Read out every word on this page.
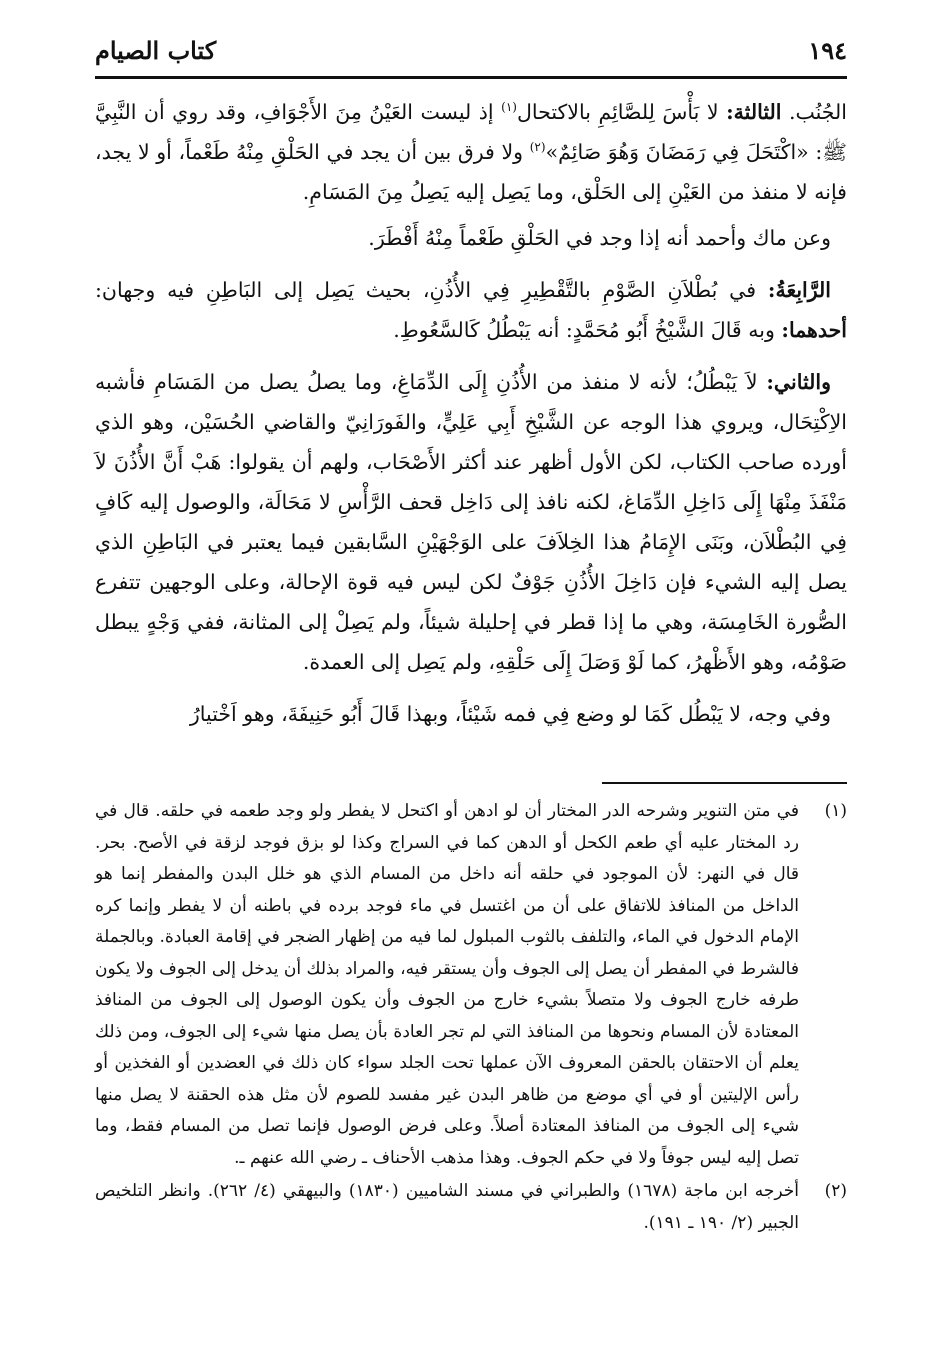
١٩٤
كتاب الصيام

الجُنُب. الثالثة: لا بَأْسَ لِلصَّائِمِ بالاكتحال$^{(١)}$ إذ ليست العَيْنُ مِنَ الأَجْوَافِ، وقد روي أن النَّبِيَّ ﷺ: «اكْتَحَلَ فِي رَمَضَانَ وَهُوَ صَائِمٌ»$^{(٢)}$ ولا فرق بين أن يجد في الحَلْقِ مِنْهُ طَعْماً، أو لا يجد، فإنه لا منفذ من العَيْنِ إلى الحَلْق، وما يَصِل إليه يَصِلُ مِنَ المَسَامِ.

وعن ماك وأحمد أنه إذا وجد في الحَلْقِ طَعْماً مِنْهُ أَفْطَرَ.

الرَّابِعَةُ: في بُطْلاَنِ الصَّوْمِ بالتَّقْطِيرِ فِي الأُذُنِ، بحيث يَصِل إلى البَاطِنِ فيه وجهان: أحدهما: وبه قَالَ الشَّيْخُ أَبُو مُحَمَّدٍ: أنه يَبْطُلُ كَالسَّعُوطِ.

والثاني: لاَ يَبْطُلُ؛ لأنه لا منفذ من الأُذُنِ إِلَى الدِّمَاغِ، وما يصلُ يصل من المَسَامِ فأشبه الاِكْتِحَال، ويروي هذا الوجه عن الشَّيْخِ أَبِي عَلِيٍّ، والفَورَانِيّ والقاضي الحُسَيْن، وهو الذي أورده صاحب الكتاب، لكن الأول أظهر عند أكثر الأَصْحَاب، ولهم أن يقولوا: هَبْ أَنَّ الأُذُنَ لاَ مَنْفَذَ مِنْهَا إِلَى دَاخِلِ الدِّمَاغ، لكنه نافذ إلى دَاخِل قحف الرَّأْسِ لا مَحَالَة، والوصول إليه كَافٍ فِي البُطْلاَن، وبَنَى الإِمَامُ هذا الخِلاَفَ على الوَجْهَيْنِ السَّابقين فيما يعتبر في البَاطِنِ الذي يصل إليه الشيء فإن دَاخِلَ الأُذُنِ جَوْفٌ لكن ليس فيه قوة الإحالة، وعلى الوجهين تتفرع الصُّورة الخَامِسَة، وهي ما إذا قطر في إحليلة شيئاً، ولم يَصِلْ إلى المثانة، ففي وَجْهٍ يبطل صَوْمُه، وهو الأَظْهرُ، كما لَوْ وَصَلَ إِلَى حَلْقِهِ، ولم يَصِل إلى العمدة.

وفي وجه، لا يَبْطُل كَمَا لو وضع فِي فمه شَيْئاً، وبهذا قَالَ أَبُو حَنِيفَةَ، وهو اَخْتيارُ

(١)
في متن التنوير وشرحه الدر المختار أن لو ادهن أو اكتحل لا يفطر ولو وجد طعمه في حلقه. قال في رد المختار عليه أي طعم الكحل أو الدهن كما في السراج وكذا لو بزق فوجد لزقة في الأصح. بحر. قال في النهر: لأن الموجود في حلقه أنه داخل من المسام الذي هو خلل البدن والمفطر إنما هو الداخل من المنافذ للاتفاق على أن من اغتسل في ماء فوجد برده في باطنه أن لا يفطر وإنما كره الإمام الدخول في الماء، والتلفف بالثوب المبلول لما فيه من إظهار الضجر في إقامة العبادة. وبالجملة فالشرط في المفطر أن يصل إلى الجوف وأن يستقر فيه، والمراد بذلك أن يدخل إلى الجوف ولا يكون طرفه خارج الجوف ولا متصلاً بشيء خارج من الجوف وأن يكون الوصول إلى الجوف من المنافذ المعتادة لأن المسام ونحوها من المنافذ التي لم تجر العادة بأن يصل منها شيء إلى الجوف، ومن ذلك يعلم أن الاحتقان بالحقن المعروف الآن عملها تحت الجلد سواء كان ذلك في العضدين أو الفخذين أو رأس الإليتين أو في أي موضع من ظاهر البدن غير مفسد للصوم لأن مثل هذه الحقنة لا يصل منها شيء إلى الجوف من المنافذ المعتادة أصلاً. وعلى فرض الوصول فإنما تصل من المسام فقط، وما تصل إليه ليس جوفاً ولا في حكم الجوف. وهذا مذهب الأحناف ـ رضي الله عنهم ـ.
(٢)
أخرجه ابن ماجة (١٦٧٨) والطبراني في مسند الشاميين (١٨٣٠) والبيهقي (٤/ ٢٦٢). وانظر التلخيص الجبير (٢/ ١٩٠ ـ ١٩١).
